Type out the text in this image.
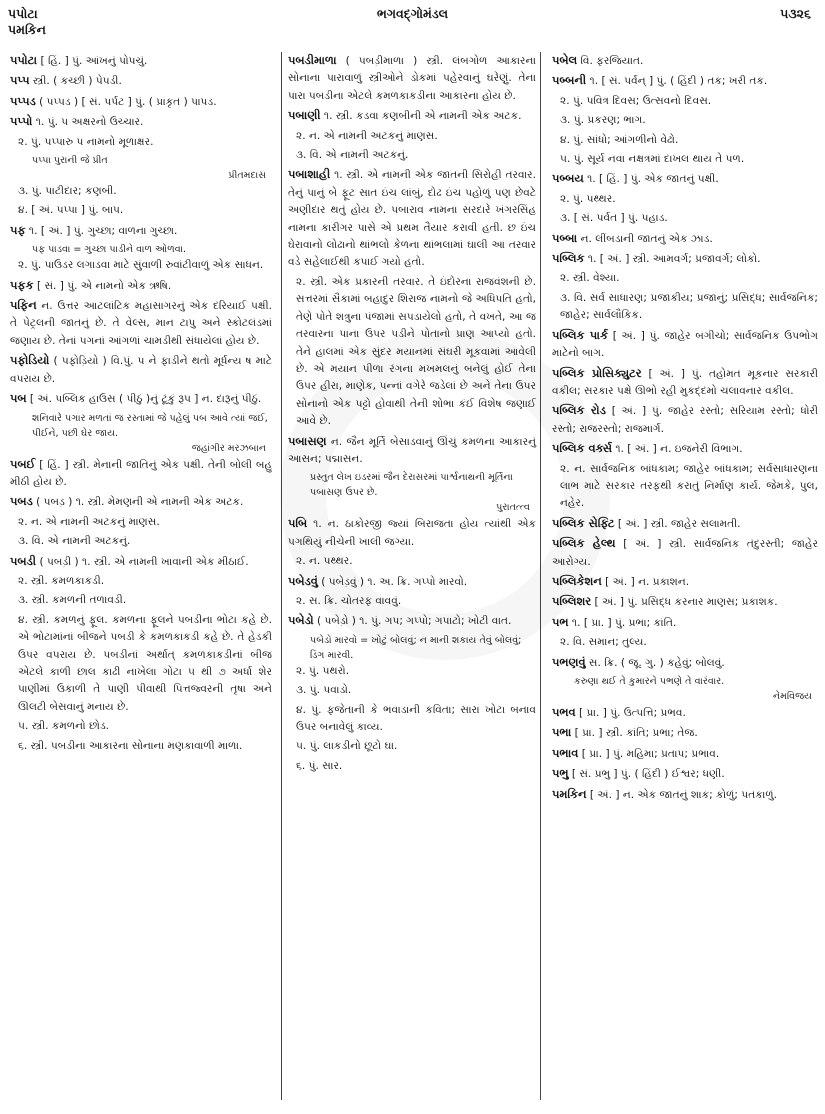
પપોટા
પમકિન
ભગવદ્ગોમંડલ	૫૩૨૬
પપોટા [ હિં. ] પું. આંખનું પોપચું.
પપ્પ સ્ત્રી. ( કચ્છી ) પેપડી.
પપ્પડ ( પપ્પડ ) [ સં. પર્પટ ] પું. ( પ્રાકૃત ) પાપડ.
પપ્પો ૧. પું. પ અક્ષરનો ઉચ્ચાર.
૨. પું. પપ્પારુ પ નામનો મૂળાક્ષર.
પપ્પા પુરાની જે પ્રીત
પ્રીતમદાસ
૩. પું. પાટીદાર; કણબી.
૪. [ અં. પપ્પા ] પું. બાપ.
પફ ૧. [ અં. ] પું. ગુચ્છા; વાળના ગુચ્છા.
પફ પાડવા = ગુચ્છા પાડીને વાળ ઓળવા.
૨. પું. પાઉડર લગાડવા માટે સુંવાળી રુવાંટીવાળું એક સાધન.
પફક [ સં. ] પું. એ નામનો એક ઋષિ.
પફિન ન. ઉત્તર આટલાંટિક મહાસાગરનું એક દરિયાઈ પક્ષી. તે પેટ્રલની જાતનું છે. તે વેલ્સ, માન ટાપુ અને સ્કોટલંડમાં જણાય છે. તેનાં પગનાં આંગળાં ચામડીથી સંધાયેલાં હોય છે.
પફોડિયો ( પફોડ઼િયો ) વિ.પું. પ ને ફાડીને થતો મૂર્ધન્ય ષ માટે વપરાય છે.
પબ [ અં. પબ્લિક હાઉસ ( પીઠું )નું ટૂંકું રૂપ ] ન. દારૂનું પીઠું.
શનિવારે પગાર મળતાં જ રસ્તામાં જે પહેલું પબ આવે ત્યાં જઈ, પીઈને, પછી ઘેર જાય.
જહાંગીર મરઝબાન
પબઈ [ હિં. ] સ્ત્રી. મેનાની જાતિનું એક પક્ષી. તેની બોલી બહુ મીઠી હોય છે.
પબડ ( પબડ઼ ) ૧. સ્ત્રી. મેમણની એ નામની એક અટક.
૨. ન. એ નામની અટકનું માણસ.
૩. વિ. એ નામની અટકનું.
પબડી ( પબડ઼ી ) ૧. સ્ત્રી. એ નામની ખાવાની એક મીઠાઈ.
૨. સ્ત્રી. કમળકાકડી.
૩. સ્ત્રી. કમળની તળાવડી.
૪. સ્ત્રી. કમળનું ફૂલ. કમળના ફૂલને પબડીના ભોટા કહે છે. એ ભોટામાંનાં બીજને પબડી કે કમળકાકડી કહે છે. તે હેડકી ઉપર વપરાય છે. પબડીનાં અર્થાત્ કમળકાકડીનાં બીજ એટલે કાળી છાલ કાઢી નાખેલા ગોટા ૫ થી ૭ અર્ધા શેર પાણીમાં ઉકાળી તે પાણી પીવાથી પિત્તજ્વરની તૃષા અને ઊલટી બેસવાનું મનાય છે.
૫. સ્ત્રી. કમળનો છોડ.
૬. સ્ત્રી. પબડીના આકારના સોનાના મણકાવાળી માળા.
પબડીમાળા ( પબડ઼ીમાળા ) સ્ત્રી. લંબગોળ આકારના સોનાના પારાવાળું સ્ત્રીઓને ડોકમાં પહેરવાનું ઘરેણું. તેના પારા પબડીના એટલે કમળકાકડીના આકારના હોય છે.
પબાણી ૧. સ્ત્રી. કડવા કણબીની એ નામની એક અટક.
૨. ન. એ નામની અટકનું માણસ.
૩. વિ. એ નામની અટકનું.
પબાશાહી ૧. સ્ત્રી. એ નામની એક જાતની સિરોહી તરવાર. તેનું પાનું બે ફૂટ સાત ઇંચ લાંબું, દોઢ ઇંચ પહોળું પણ છેવટે અણીદાર થતું હોય છે. પબારાવ નામના સરદારે ખંગરસિંહ નામના કારીગર પાસે એ પ્રથમ તૈયાર કરાવી હતી. છ ઇંચ ઘેરાવાનો લોઢાનો થાંભલો કેળના થાંભલામાં ઘાલી આ તરવાર વડે સહેલાઈથી કપાઈ ગયો હતો.
૨. સ્ત્રી. એક પ્રકારની તરવાર. તે ઇંદોરના રાજવંશની છે. સત્તરમાં સૈકામાં બહાદુર શિરાજ નામનો જે અધિપતિ હતો, તેણે પોતે શત્રુના પંજામાં સપડાયેલો હતો, તે વખતે, આ જ તરવારના પાના ઉપર પડીને પોતાનો પ્રાણ આપ્યો હતો. તેને હાલમાં એક સુંદર મયાનમાં સંઘરી મૂકવામાં આવેલી છે. એ મયાન પીળા રંગના મખમલનું બનેલું હોઈ તેના ઉપર હીરા, માણેક, પન્નાં વગેરે જડેલાં છે અને તેના ઉપર સોનાનો એક પટ્ટો હોવાથી તેની શોભા કંઈ વિશેષ જણાઈ આવે છે.
પબાસણ ન. જૈન મૂર્તિ બેસાડવાનું ઊંચું કમળના આકારનું આસન; પદ્માસન.
પ્રસ્તુત લેખ ઇડરમાં જૈન દેરાસરમાં પાર્શ્વનાથની મૂર્તિના પબાસણ ઉપર છે.
પુરાતત્ત્વ
પબિ ૧. ન. ઠાકોરજી જ્યાં બિરાજતા હોય ત્યાંથી એક પગથિયું નીચેની ખાલી જગ્યા.
૨. ન. પથ્થર.
પબેડવું ( પબેડ઼વું ) ૧. અ. ક્રિ. ગપ્પો મારવો.
૨. સ. ક્રિ. ચોતરફ વાવવું.
પબેડો ( પબેડ઼ો ) ૧. પું. ગપ; ગપ્પો; ગપાટો; ખોટી વાત.
પબેડો મારવો = ખોટું બોલવું; ન માની શકાય તેવું બોલવું; ડિંગ મારવી.
૨. પું. પથરો.
૩. પું. પવાડો.
૪. પું. ફજેતાની કે ભવાડાની કવિતા; સારા ખોટા બનાવ ઉપર બનાવેલું કાવ્ય.
૫. પું. લાકડીનો છૂટો ઘા.
૬. પું. સાર.
પબેલ વિ. ફરજિયાત.
પબ્બની ૧. [ સં. પર્વન્ ] પું. ( હિંદી ) તક; ખરી તક.
૨. પું. પવિત્ર દિવસ; ઉત્સવનો દિવસ.
૩. પું. પ્રકરણ; ભાગ.
૪. પું. સાંધો; આંગળીનો વેઢો.
૫. પું. સૂર્ય નવા નક્ષત્રમાં દાખલ થાય તે પળ.
પબ્બય ૧. [ હિં. ] પું. એક જાતનું પક્ષી.
૨. પું. પથ્થર.
૩. [ સં. પર્વત ] પું. પહાડ.
પબ્બા ન. લીંબડાની જાતનું એક ઝાડ.
પબ્લિક ૧. [ અં. ] સ્ત્રી. આમવર્ગ; પ્રજાવર્ગ; લોકો.
૨. સ્ત્રી. વેશ્યા.
૩. વિ. સર્વ સાધારણ; પ્રજાકીય; પ્રજાનું; પ્રસિદ્ધ; સાર્વજનિક; જાહેર; સાર્વલૌકિક.
પબ્લિક પાર્ક [ અં. ] પું. જાહેર બગીચો; સાર્વજનિક ઉપભોગ માટેનો બાગ.
પબ્લિક પ્રોસિક્યુટર [ અં. ] પું. તહોમત મૂકનાર સરકારી વકીલ; સરકાર પક્ષે ઊભો રહી મુકદ્દમો ચલાવનાર વકીલ.
પબ્લિક રોડ [ અં. ] પું. જાહેર રસ્તો; સરિયામ રસ્તો; ધોરી રસ્તો; રાજરસ્તો; રાજમાર્ગ.
પબ્લિક વર્ક્સ ૧. [ અં. ] ન. ઇજનેરી વિભાગ.
૨. ન. સાર્વજનિક બાંધકામ; જાહેર બાંધકામ; સર્વસાધારણના લાભ માટે સરકાર તરફથી કરાતું નિર્માણ કાર્ય. જેમકે, પુલ, નહેર.
પબ્લિક સેફ્ટિ [ અં. ] સ્ત્રી. જાહેર સલામતી.
પબ્લિક હેલ્થ [ અં. ] સ્ત્રી. સાર્વજનિક તંદુરસ્તી; જાહેર આરોગ્ય.
પબ્લિકેશન [ અં. ] ન. પ્રકાશન.
પબ્લિશર [ અં. ] પું. પ્રસિદ્ધ કરનાર માણસ; પ્રકાશક.
પભ ૧. [ પ્રા. ] પું. પ્રભા; કાંતિ.
૨. વિ. સમાન; તુલ્ય.
પભણવું સ. ક્રિ. ( જૂ. ગુ. ) કહેવું; બોલવું.
કરુણા થઈ તે કુમારને પભણે તે વારંવાર.
નેમવિજય
પભવ [ પ્રા. ] પું. ઉત્પત્તિ; પ્રભવ.
પભા [ પ્રા. ] સ્ત્રી. કાંતિ; પ્રભા; તેજ.
પભાવ [ પ્રા. ] પું. મહિમા; પ્રતાપ; પ્રભાવ.
પભુ [ સં. પ્રભુ ] પું. ( હિંદી ) ઈશ્વર; ધણી.
પમકિન [ અં. ] ન. એક જાતનું શાક; કોળું; પતકાળું.
